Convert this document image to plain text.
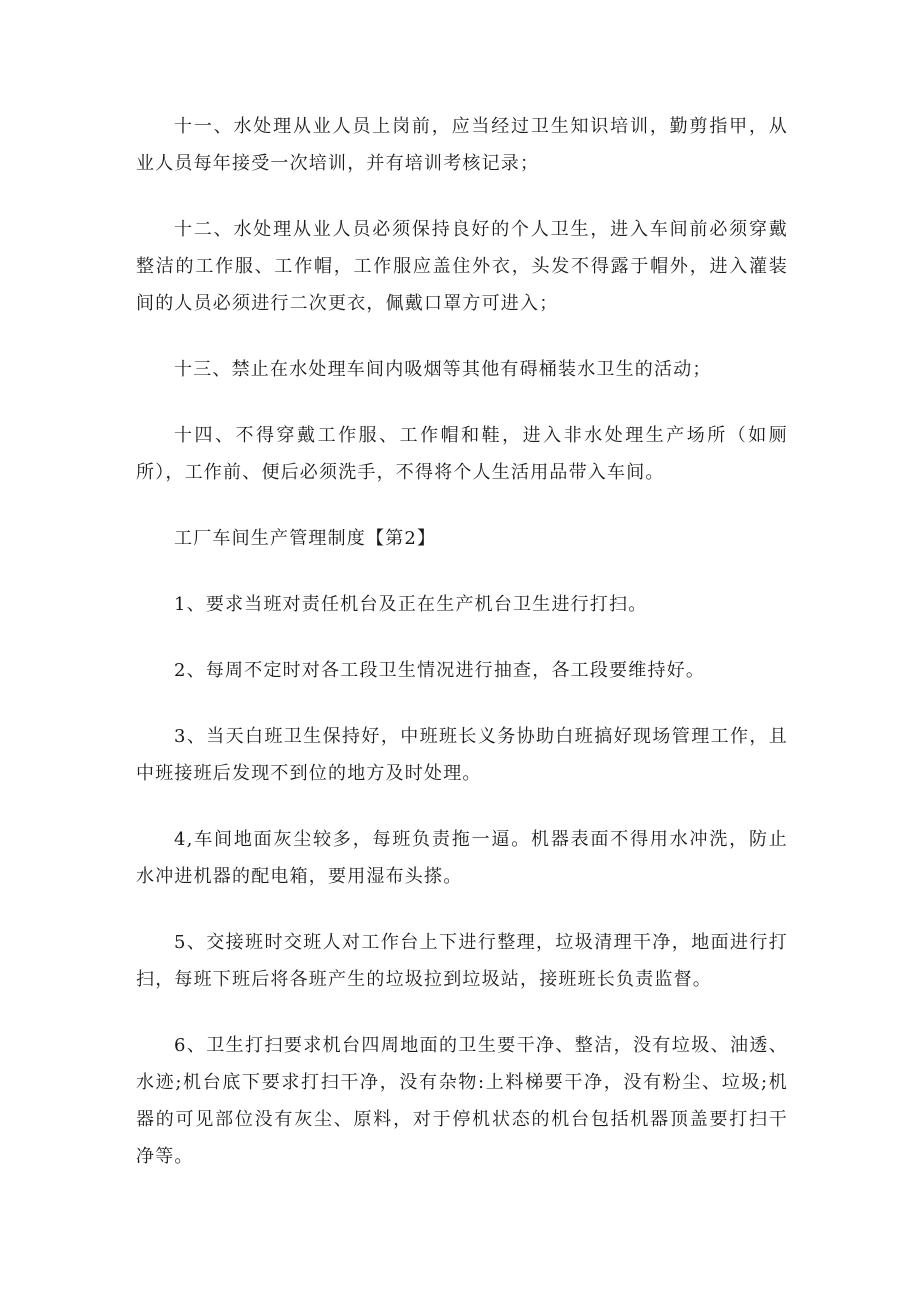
十一、水处理从业人员上岗前，应当经过卫生知识培训，勤剪指甲，从业人员每年接受一次培训，并有培训考核记录；

十二、水处理从业人员必须保持良好的个人卫生，进入车间前必须穿戴整洁的工作服、工作帽，工作服应盖住外衣，头发不得露于帽外，进入灌装间的人员必须进行二次更衣，佩戴口罩方可进入；

十三、禁止在水处理车间内吸烟等其他有碍桶装水卫生的活动；

十四、不得穿戴工作服、工作帽和鞋，进入非水处理生产场所（如厕所），工作前、便后必须洗手，不得将个人生活用品带入车间。

工厂车间生产管理制度【第2】

1、要求当班对责任机台及正在生产机台卫生进行打扫。

2、每周不定时对各工段卫生情况进行抽查，各工段要维持好。

3、当天白班卫生保持好，中班班长义务协助白班搞好现场管理工作，且中班接班后发现不到位的地方及时处理。

4,车间地面灰尘较多，每班负责拖一逼。机器表面不得用水冲洗，防止水冲进机器的配电箱，要用湿布头搽。

5、交接班时交班人对工作台上下进行整理，垃圾清理干净，地面进行打扫，每班下班后将各班产生的垃圾拉到垃圾站，接班班长负责监督。

6、卫生打扫要求机台四周地面的卫生要干净、整洁，没有垃圾、油透、水迹;机台底下要求打扫干净，没有杂物:上料梯要干净，没有粉尘、垃圾;机器的可见部位没有灰尘、原料，对于停机状态的机台包括机器顶盖要打扫干净等。
